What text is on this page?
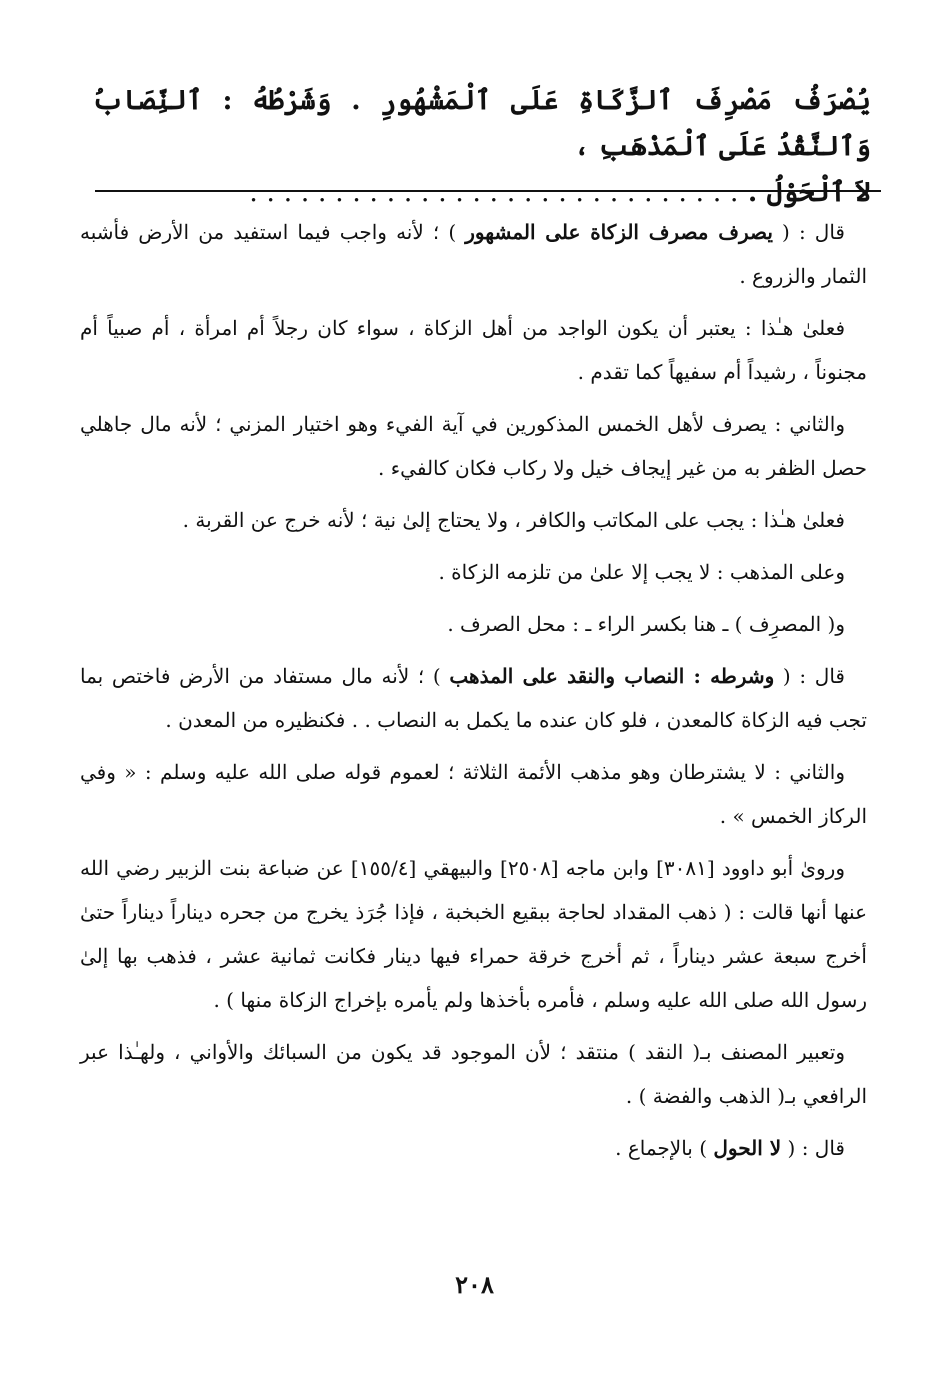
يُصْرَفُ مَصْرِفَ ٱلزَّكَاةِ عَلَى ٱلْمَشْهُورِ . وَشَرْطُهُ : ٱلنِّصَابُ وَٱلنَّقْدُ عَلَى ٱلْمَذْهَبِ ،
لاَ ٱلْحَوْلُ . . . . . . . . . . . . . . . . . . . . . . . . . . . . . .

قال : ( يصرف مصرف الزكاة على المشهور ) ؛ لأنه واجب فيما استفيد من الأرض فأشبه الثمار والزروع .

فعلىٰ هـٰذا : يعتبر أن يكون الواجد من أهل الزكاة ، سواء كان رجلاً أم امرأة ، أم صبياً أم مجنوناً ، رشيداً أم سفيهاً كما تقدم .

والثاني : يصرف لأهل الخمس المذكورين في آية الفيء وهو اختيار المزني ؛ لأنه مال جاهلي حصل الظفر به من غير إيجاف خيل ولا ركاب فكان كالفيء .

فعلىٰ هـٰذا : يجب على المكاتب والكافر ، ولا يحتاج إلىٰ نية ؛ لأنه خرج عن القربة .

وعلى المذهب : لا يجب إلا علىٰ من تلزمه الزكاة .

و( المصرِف ) ـ هنا بكسر الراء ـ : محل الصرف .

قال : ( وشرطه : النصاب والنقد على المذهب ) ؛ لأنه مال مستفاد من الأرض فاختص بما تجب فيه الزكاة كالمعدن ، فلو كان عنده ما يكمل به النصاب . . فكنظيره من المعدن .

والثاني : لا يشترطان وهو مذهب الأئمة الثلاثة ؛ لعموم قوله صلى الله عليه وسلم : « وفي الركاز الخمس » .

وروىٰ أبو داوود [٣٠٨١] وابن ماجه [٢٥٠٨] والبيهقي [١٥٥/٤] عن ضباعة بنت الزبير رضي الله عنها أنها قالت : ( ذهب المقداد لحاجة ببقيع الخبخبة ، فإذا جُرَذ يخرج من جحره ديناراً ديناراً حتىٰ أخرج سبعة عشر ديناراً ، ثم أخرج خرقة حمراء فيها دينار فكانت ثمانية عشر ، فذهب بها إلىٰ رسول الله صلى الله عليه وسلم ، فأمره بأخذها ولم يأمره بإخراج الزكاة منها ) .

وتعبير المصنف بـ( النقد ) منتقد ؛ لأن الموجود قد يكون من السبائك والأواني ، ولهـٰذا عبر الرافعي بـ( الذهب والفضة ) .

قال : ( لا الحول ) بالإجماع .

٢٠٨
